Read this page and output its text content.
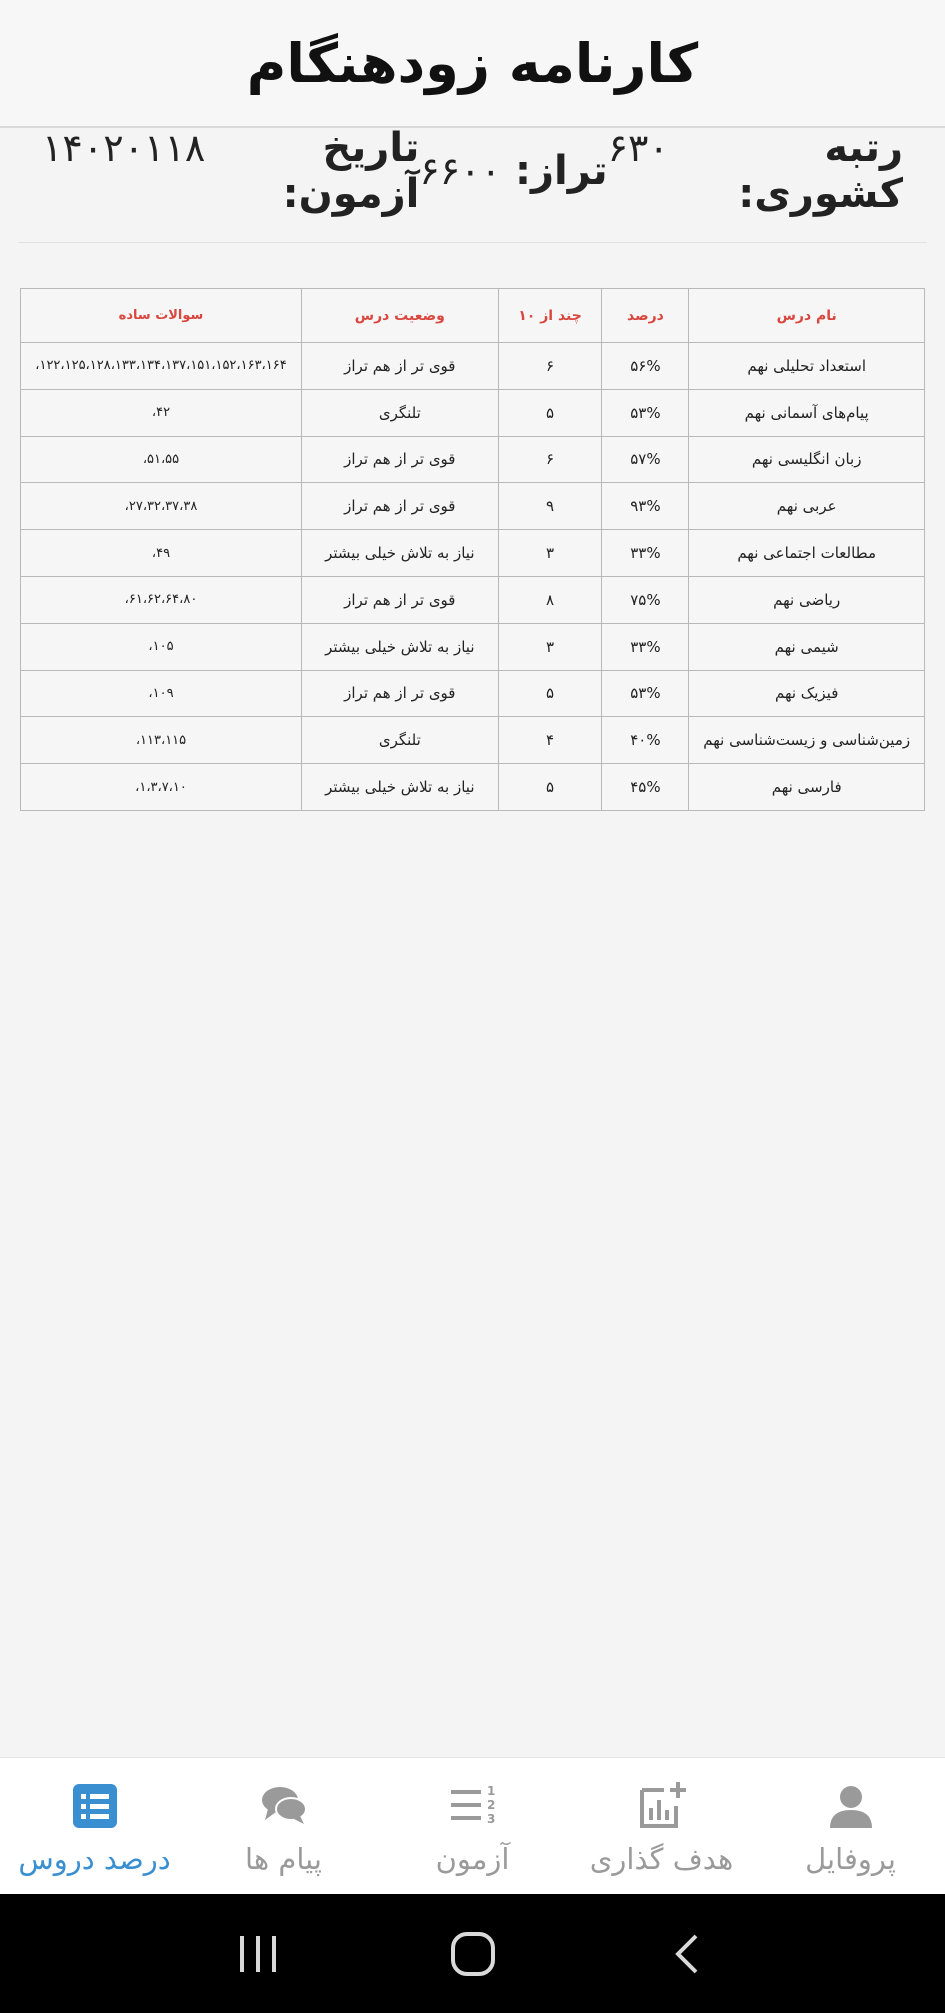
کارنامه زودهنگام
تاریخ آزمون:
۱۴۰۲۰۱۱۸	تراز:
۶۶۰۰	رتبه کشوری:
۶۳۰
نام درس	درصد	چند از ۱۰	وضعیت درس	سوالات ساده
استعداد تحلیلی نهم	۵۶%	۶	قوی تر از هم تراز	۱۲۲،۱۲۵،۱۲۸،۱۳۳،۱۳۴،۱۳۷،۱۵۱،۱۵۲،۱۶۳،۱۶۴،
پیام‌های آسمانی نهم	۵۳%	۵	تلنگری	۴۲،
زبان انگلیسی نهم	۵۷%	۶	قوی تر از هم تراز	۵۱،۵۵،
عربی نهم	۹۳%	۹	قوی تر از هم تراز	۲۷،۳۲،۳۷،۳۸،
مطالعات اجتماعی نهم	۳۳%	۳	نیاز به تلاش خیلی بیشتر	۴۹،
ریاضی نهم	۷۵%	۸	قوی تر از هم تراز	۶۱،۶۲،۶۴،۸۰،
شیمی نهم	۳۳%	۳	نیاز به تلاش خیلی بیشتر	۱۰۵،
فیزیک نهم	۵۳%	۵	قوی تر از هم تراز	۱۰۹،
زمین‌شناسی و زیست‌شناسی نهم	۴۰%	۴	تلنگری	۱۱۳،۱۱۵،
فارسی نهم	۴۵%	۵	نیاز به تلاش خیلی بیشتر	۱،۳،۷،۱۰،
درصد دروس	پیام ها
1
2
3
آزمون	هدف گذاری پروفایل
